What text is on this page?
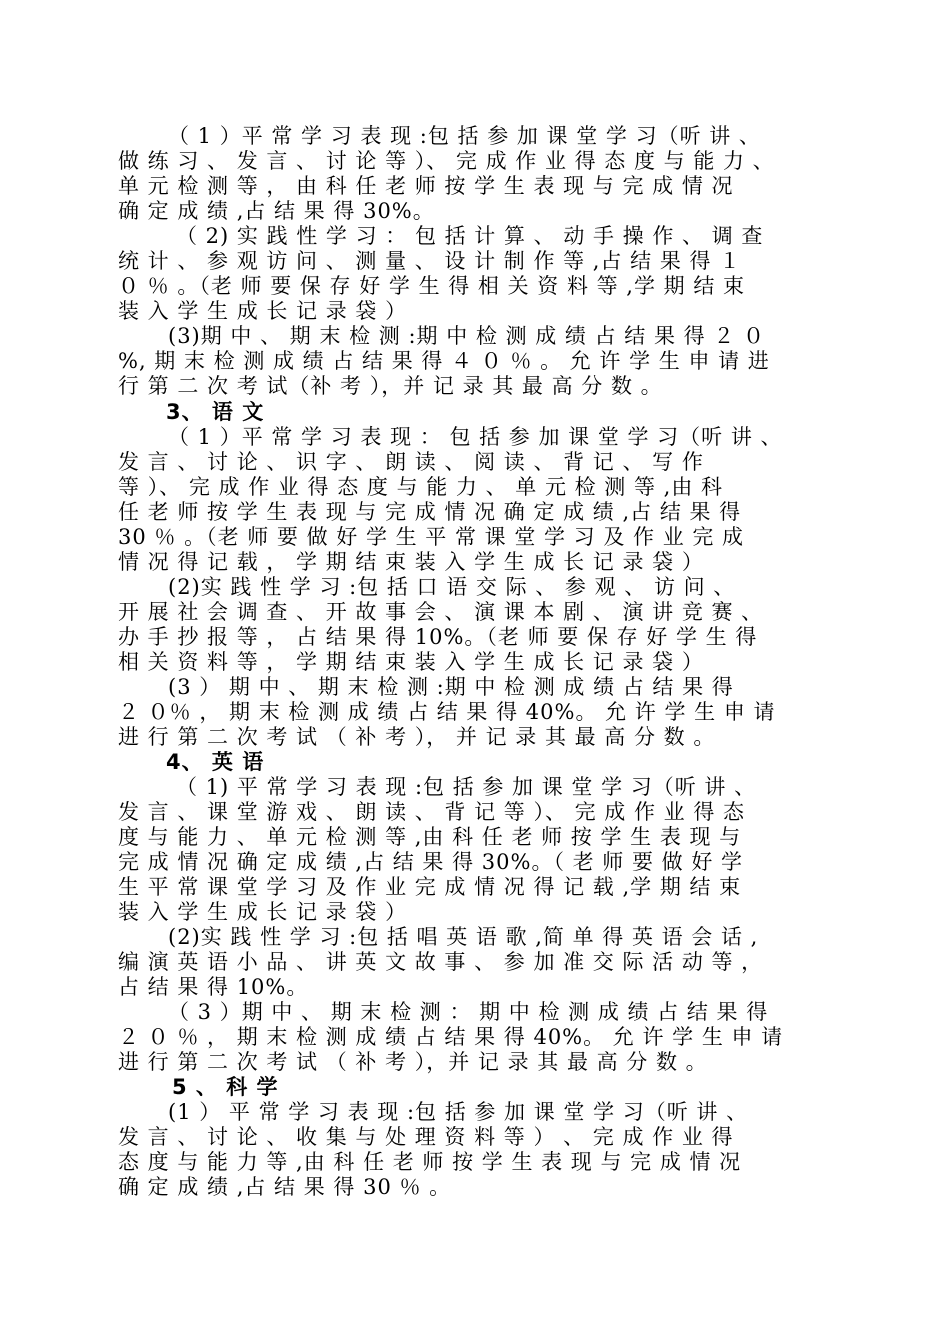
（ 1 ）平 常 学 习 表 现 :包 括 参 加 课 堂 学 习（听 讲 、
做 练 习 、 发 言 、 讨 论 等 ）、 完 成 作 业 得 态 度 与 能 力 、
单 元 检 测 等 ， 由 科 任 老 师 按 学 生 表 现 与 完 成 情 况
确 定 成 绩 ,占 结 果 得 30%。
（ 2) 实 践 性 学 习 ： 包 括 计 算 、 动 手 操 作 、 调 查
统 计 、 参 观 访 问 、 测 量 、 设 计 制 作 等 ,占 结 果 得 １
０ ％ 。（老 师 要 保 存 好 学 生 得 相 关 资 料 等 ,学 期 结 束
装 入 学 生 成 长 记 录 袋 ）
(3)期 中 、 期 末 检 测 :期 中 检 测 成 绩 占 结 果 得 ２ ０
%, 期 末 检 测 成 绩 占 结 果 得 ４ ０ ％ 。 允 许 学 生 申 请 进
行 第 二 次 考 试（补 考 ），并 记 录 其 最 高 分 数 。
3、 语 文
（ 1 ）平 常 学 习 表 现 ： 包 括 参 加 课 堂 学 习（听 讲 、
发 言 、 讨 论 、 识 字 、 朗 读 、 阅 读 、 背 记 、 写 作
等 ）、 完 成 作 业 得 态 度 与 能 力 、 单 元 检 测 等 ,由 科
任 老 师 按 学 生 表 现 与 完 成 情 况 确 定 成 绩 ,占 结 果 得
30 ％ 。（老 师 要 做 好 学 生 平 常 课 堂 学 习 及 作 业 完 成
情 况 得 记 载 ， 学 期 结 束 装 入 学 生 成 长 记 录 袋 ）
(2)实 践 性 学 习 :包 括 口 语 交 际 、 参 观 、 访 问 、
开 展 社 会 调 查 、 开 故 事 会 、 演 课 本 剧 、 演 讲 竞 赛 、
办 手 抄 报 等 ， 占 结 果 得 10%。（老 师 要 保 存 好 学 生 得
相 关 资 料 等 ， 学 期 结 束 装 入 学 生 成 长 记 录 袋 ）
(3 ） 期 中 、 期 末 检 测 :期 中 检 测 成 绩 占 结 果 得
２ ０％ ， 期 末 检 测 成 绩 占 结 果 得 40%。 允 许 学 生 申 请
进 行 第 二 次 考 试 （ 补 考 ）， 并 记 录 其 最 高 分 数 。
4、 英 语
（ 1) 平 常 学 习 表 现 :包 括 参 加 课 堂 学 习（听 讲 、
发 言 、 课 堂 游 戏 、 朗 读 、 背 记 等 ）、 完 成 作 业 得 态
度 与 能 力 、 单 元 检 测 等 ,由 科 任 老 师 按 学 生 表 现 与
完 成 情 况 确 定 成 绩 ,占 结 果 得 30%。（ 老 师 要 做 好 学
生 平 常 课 堂 学 习 及 作 业 完 成 情 况 得 记 载 ,学 期 结 束
装 入 学 生 成 长 记 录 袋 ）
(2)实 践 性 学 习 :包 括 唱 英 语 歌 ,简 单 得 英 语 会 话 ,
编 演 英 语 小 品 、 讲 英 文 故 事 、 参 加 准 交 际 活 动 等 ，
占 结 果 得 10%。
（ 3 ）期 中 、 期 末 检 测 ： 期 中 检 测 成 绩 占 结 果 得
２ ０ ％ ， 期 末 检 测 成 绩 占 结 果 得 40%。 允 许 学 生 申 请
进 行 第 二 次 考 试 （ 补 考 ），并 记 录 其 最 高 分 数 。
5 、 科 学
(1 ） 平 常 学 习 表 现 :包 括 参 加 课 堂 学 习（听 讲 、
发 言 、 讨 论 、 收 集 与 处 理 资 料 等 ） 、 完 成 作 业 得
态 度 与 能 力 等 ,由 科 任 老 师 按 学 生 表 现 与 完 成 情 况
确 定 成 绩 ,占 结 果 得 30 ％ 。
